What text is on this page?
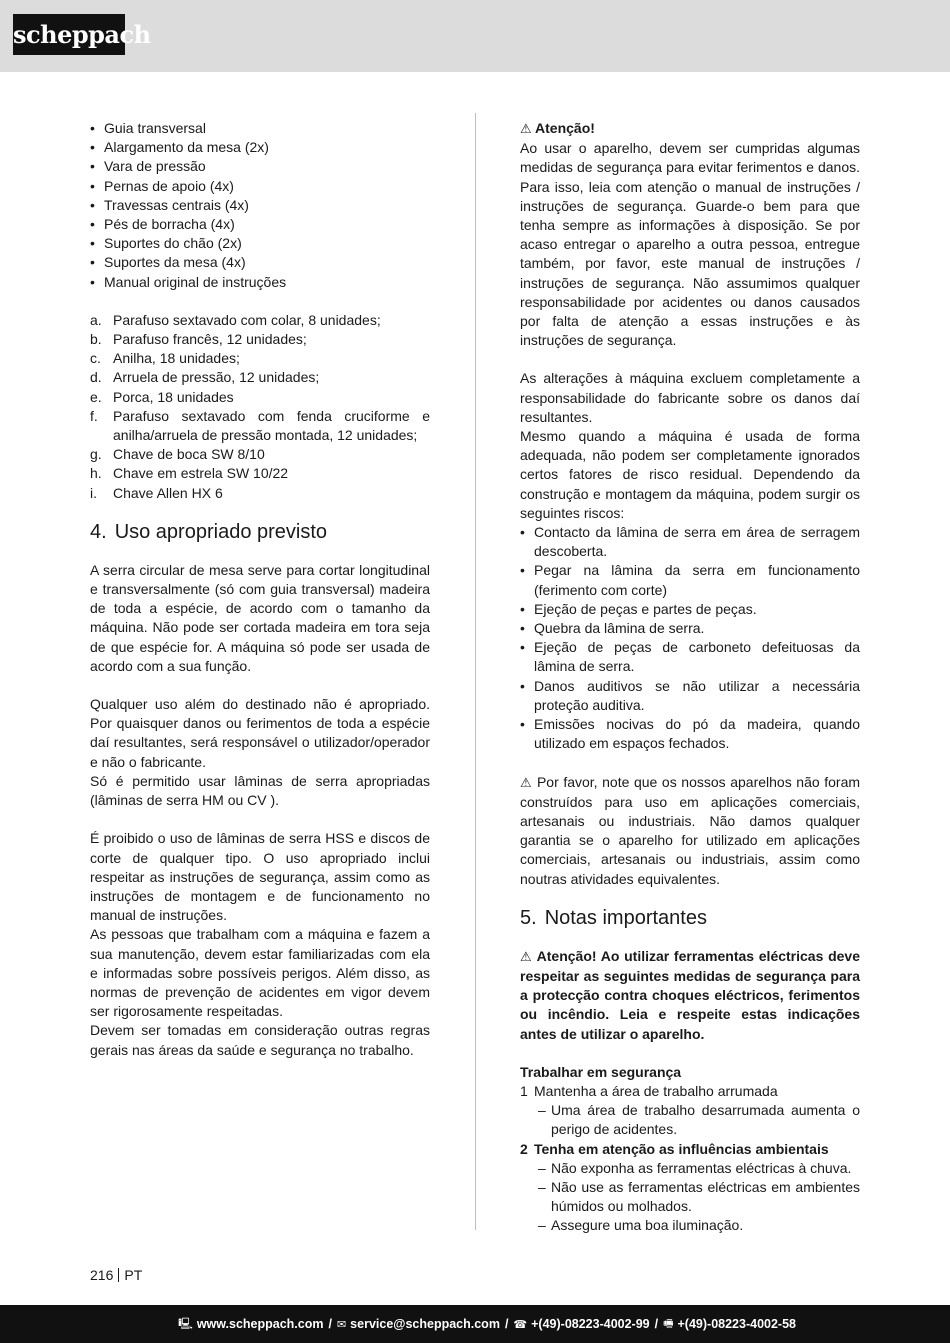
scheppach
• Guia transversal
• Alargamento da mesa (2x)
• Vara de pressão
• Pernas de apoio (4x)
• Travessas centrais (4x)
• Pés de borracha (4x)
• Suportes do chão (2x)
• Suportes da mesa (4x)
• Manual original de instruções
a. Parafuso sextavado com colar, 8 unidades;
b. Parafuso francês, 12 unidades;
c. Anilha, 18 unidades;
d. Arruela de pressão, 12 unidades;
e. Porca, 18 unidades
f.	Parafuso sextavado com fenda cruciforme e anilha/arruela de pressão montada, 12 unidades;
g. Chave de boca SW 8/10
h. Chave em estrela SW 10/22
i.	Chave Allen HX 6
4. Uso apropriado previsto

A serra circular de mesa serve para cortar longitudinal e transversalmente (só com guia transversal) madeira de toda a espécie, de acordo com o tamanho da máquina. Não pode ser cortada madeira em tora seja de que espécie for. A máquina só pode ser usada de acordo com a sua função.

Qualquer uso além do destinado não é apropriado. Por quaisquer danos ou ferimentos de toda a espécie daí resultantes, será responsável o utilizador/operador e não o fabricante.

Só é permitido usar lâminas de serra apropriadas (lâminas de serra HM ou CV ).

É proibido o uso de lâminas de serra HSS e discos de corte de qualquer tipo. O uso apropriado inclui respeitar as instruções de segurança, assim como as instruções de montagem e de funcionamento no manual de instruções.

As pessoas que trabalham com a máquina e fazem a sua manutenção, devem estar familiarizadas com ela e informadas sobre possíveis perigos. Além disso, as normas de prevenção de acidentes em vigor devem ser rigorosamente respeitadas.

Devem ser tomadas em consideração outras regras gerais nas áreas da saúde e segurança no trabalho.

⚠ Atenção!

Ao usar o aparelho, devem ser cumpridas algumas medidas de segurança para evitar ferimentos e danos. Para isso, leia com atenção o manual de instruções / instruções de segurança. Guarde-o bem para que tenha sempre as informações à disposição. Se por acaso entregar o aparelho a outra pessoa, entregue também, por favor, este manual de instruções / instruções de segurança. Não assumimos qualquer responsabilidade por acidentes ou danos causados por falta de atenção a essas instruções e às instruções de segurança.

As alterações à máquina excluem completamente a responsabilidade do fabricante sobre os danos daí resultantes.

Mesmo quando a máquina é usada de forma adequada, não podem ser completamente ignorados certos fatores de risco residual. Dependendo da construção e montagem da máquina, podem surgir os seguintes riscos:

• Contacto da lâmina de serra em área de serragem descoberta.
• Pegar na lâmina da serra em funcionamento (ferimento com corte)
• Ejeção de peças e partes de peças.
• Quebra da lâmina de serra.
• Ejeção de peças de carboneto defeituosas da lâmina de serra.
• Danos auditivos se não utilizar a necessária proteção auditiva.
• Emissões nocivas do pó da madeira, quando utilizado em espaços fechados.

⚠ Por favor, note que os nossos aparelhos não foram construídos para uso em aplicações comerciais, artesanais ou industriais. Não damos qualquer garantia se o aparelho for utilizado em aplicações comerciais, artesanais ou industriais, assim como noutras atividades equivalentes.

5. Notas importantes

⚠ Atenção! Ao utilizar ferramentas eléctricas deve respeitar as seguintes medidas de segurança para a protecção contra choques eléctricos, ferimentos ou incêndio. Leia e respeite estas indicações antes de utilizar o aparelho.

Trabalhar em segurança

1 Mantenha a área de trabalho arrumada
– Uma área de trabalho desarrumada aumenta o perigo de acidentes.
2 Tenha em atenção as influências ambientais
– Não exponha as ferramentas eléctricas à chuva.
– Não use as ferramentas eléctricas em ambientes húmidos ou molhados.
– Assegure uma boa iluminação.
216 PT
🖳 www.scheppach.com / ✉ service@scheppach.com / ☎ +(49)-08223-4002-99 / 🖷 +(49)-08223-4002-58
